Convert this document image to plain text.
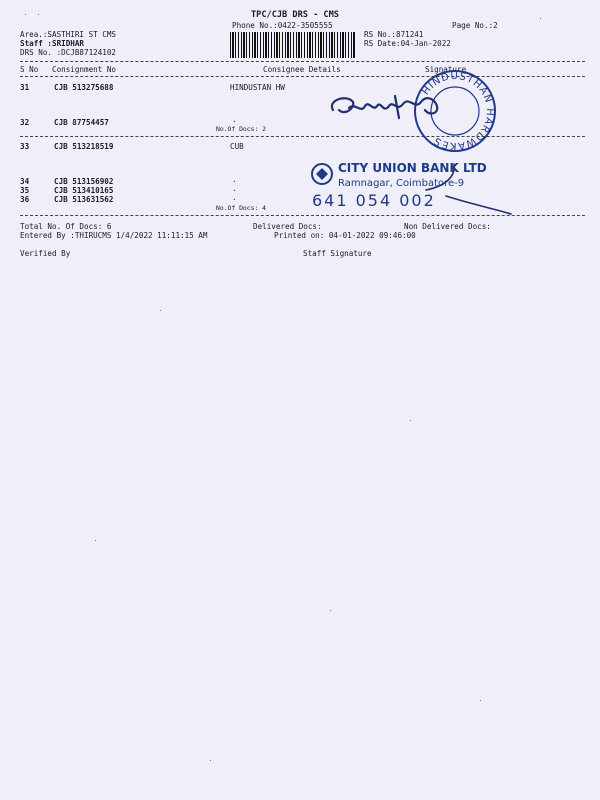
TPC/CJB DRS - CMS
Phone No.:0422-3505555	Page No.:2
Area.:SASTHIRI ST CMS
Staff :SRIDHAR
DRS No. :DCJB87124102
RS No.:871241
RS Date:04-Jan-2022
S No Consignment No	Consignee Details	Signature
31	CJB 513275688	HINDUSTAN HW
32	CJB 87754457	.
No.Of Docs: 2
33	CJB 513218519	CUB
34	CJB 513156902	.
35	CJB 513410165	.
36	CJB 513631562	.
No.Of Docs: 4
Total No. Of Docs: 6	Delivered Docs:	Non Delivered Docs:
Entered By :THIRUCMS 1/4/2022 11:11:15 AM	Printed on: 04-01-2022 09:46:00
Verified By	Staff Signature
HINDUSTHAN HARDWAKES
CITY UNION BANK LTD
Ramnagar, Coimbatore-9
641 054 002
